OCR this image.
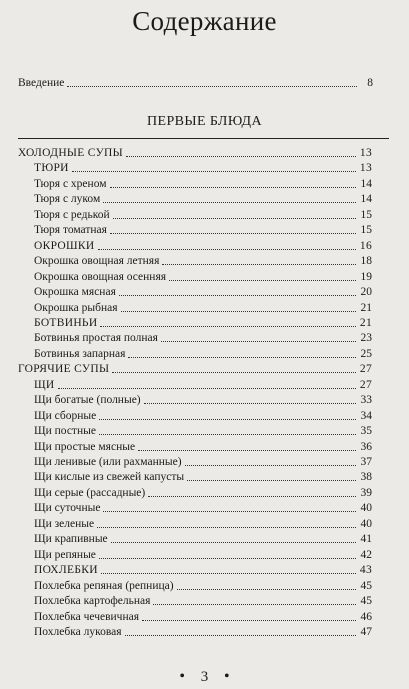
Содержание
Введение	8
ПЕРВЫЕ БЛЮДА
ХОЛОДНЫЕ СУПЫ	13
ТЮРИ	13
Тюря с хреном	14
Тюря с луком	14
Тюря с редькой	15
Тюря томатная	15
ОКРОШКИ	16
Окрошка овощная летняя	18
Окрошка овощная осенняя	19
Окрошка мясная	20
Окрошка рыбная	21
БОТВИНЬИ	21
Ботвинья простая полная	23
Ботвинья запарная	25
ГОРЯЧИЕ СУПЫ	27
ЩИ	27
Щи богатые (полные)	33
Щи сборные	34
Щи постные	35
Щи простые мясные	36
Щи ленивые (или рахманные)	37
Щи кислые из свежей капусты	38
Щи серые (рассадные)	39
Щи суточные	40
Щи зеленые	40
Щи крапивные	41
Щи репяные	42
ПОХЛЕБКИ	43
Похлебка репяная (репница)	45
Похлебка картофельная	45
Похлебка чечевичная	46
Похлебка луковая	47
• 3 •
